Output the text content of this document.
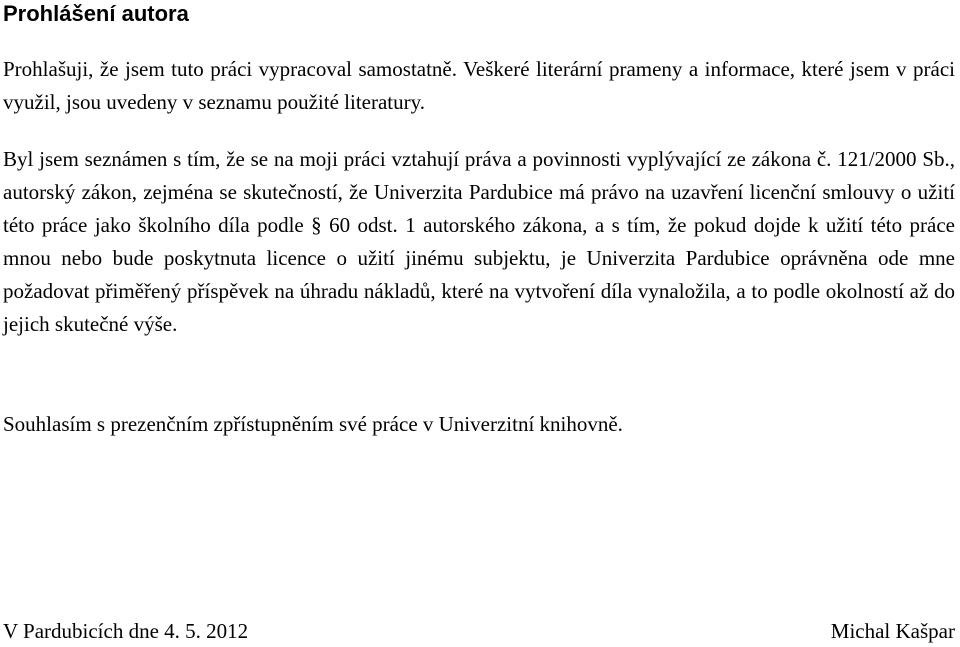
Prohlášení autora

Prohlašuji, že jsem tuto práci vypracoval samostatně. Veškeré literární prameny a informace, které jsem v práci využil, jsou uvedeny v seznamu použité literatury.

Byl jsem seznámen s tím, že se na moji práci vztahují práva a povinnosti vyplývající ze zákona č. 121/2000 Sb., autorský zákon, zejména se skutečností, že Univerzita Pardubice má právo na uzavření licenční smlouvy o užití této práce jako školního díla podle § 60 odst. 1 autorského zákona, a s tím, že pokud dojde k užití této práce mnou nebo bude poskytnuta licence o užití jinému subjektu, je Univerzita Pardubice oprávněna ode mne požadovat přiměřený příspěvek na úhradu nákladů, které na vytvoření díla vynaložila, a to podle okolností až do jejich skutečné výše.

Souhlasím s prezenčním zpřístupněním své práce v Univerzitní knihovně.

V Pardubicích dne 4. 5. 2012	Michal Kašpar
